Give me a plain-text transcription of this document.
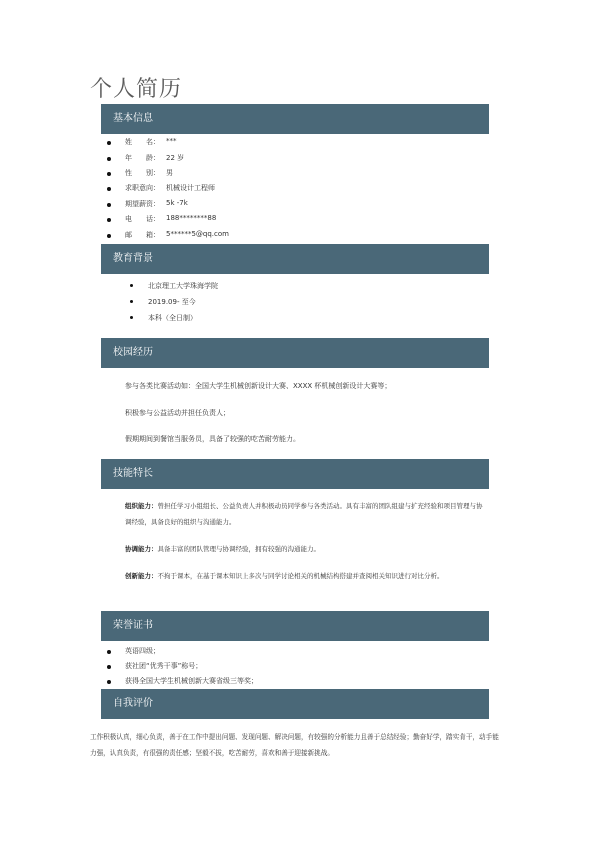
个人简历
基本信息
姓　　名： ***
年　　龄： 22 岁
性　　别： 男
求职意向： 机械设计工程师
期望薪资： 5k -7k
电　　话： 188********88
邮　　箱： 5******5@qq.com
教育背景
北京理工大学珠海学院
2019.09- 至今
本科（全日制）
校园经历
参与各类比赛活动如：全国大学生机械创新设计大赛、XXXX 杯机械创新设计大赛等；
积极参与公益活动并担任负责人；
假期期间到餐馆当服务员，具备了较强的吃苦耐劳能力。
技能特长
组织能力：曾担任学习小组组长、公益负责人并积极动员同学参与各类活动。具有丰富的团队组建与扩充经验和项目管理与协调经验，具备良好的组织与沟通能力。
协调能力：具备丰富的团队管理与协调经验，拥有较强的沟通能力。
创新能力：不拘于课本，在基于课本知识上多次与同学讨论相关的机械结构搭建并查阅相关知识进行对比分析。
荣誉证书
英语四级；
获社团“优秀干事”称号；
获得全国大学生机械创新大赛省级三等奖；
自我评价
工作积极认真，细心负责，善于在工作中提出问题、发现问题、解决问题，有较强的分析能力且善于总结经验；勤奋好学，踏实肯干，动手能力强，认真负责，有很强的责任感；坚毅不拔，吃苦耐劳，喜欢和善于迎接新挑战。
